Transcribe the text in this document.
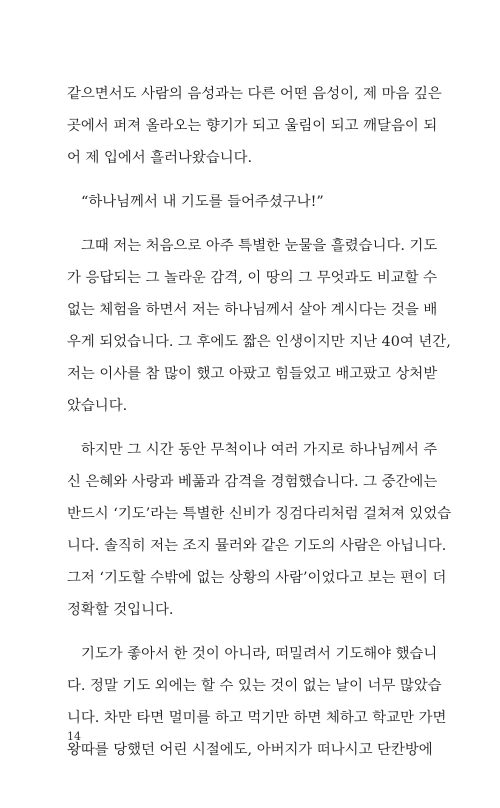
같으면서도 사람의 음성과는 다른 어떤 음성이, 제 마음 깊은
곳에서 퍼져 올라오는 향기가 되고 울림이 되고 깨달음이 되
어 제 입에서 흘러나왔습니다.
“하나님께서 내 기도를 들어주셨구나!”
그때 저는 처음으로 아주 특별한 눈물을 흘렸습니다. 기도
가 응답되는 그 놀라운 감격, 이 땅의 그 무엇과도 비교할 수
없는 체험을 하면서 저는 하나님께서 살아 계시다는 것을 배
우게 되었습니다. 그 후에도 짧은 인생이지만 지난 40여 년간,
저는 이사를 참 많이 했고 아팠고 힘들었고 배고팠고 상처받
았습니다.
하지만 그 시간 동안 무척이나 여러 가지로 하나님께서 주
신 은혜와 사랑과 베풂과 감격을 경험했습니다. 그 중간에는
반드시 ‘기도’라는 특별한 신비가 징검다리처럼 걸쳐져 있었습
니다. 솔직히 저는 조지 뮬러와 같은 기도의 사람은 아닙니다.
그저 ‘기도할 수밖에 없는 상황의 사람’이었다고 보는 편이 더
정확할 것입니다.
기도가 좋아서 한 것이 아니라, 떠밀려서 기도해야 했습니
다. 정말 기도 외에는 할 수 있는 것이 없는 날이 너무 많았습
니다. 차만 타면 멀미를 하고 먹기만 하면 체하고 학교만 가면
왕따를 당했던 어린 시절에도, 아버지가 떠나시고 단칸방에
14
